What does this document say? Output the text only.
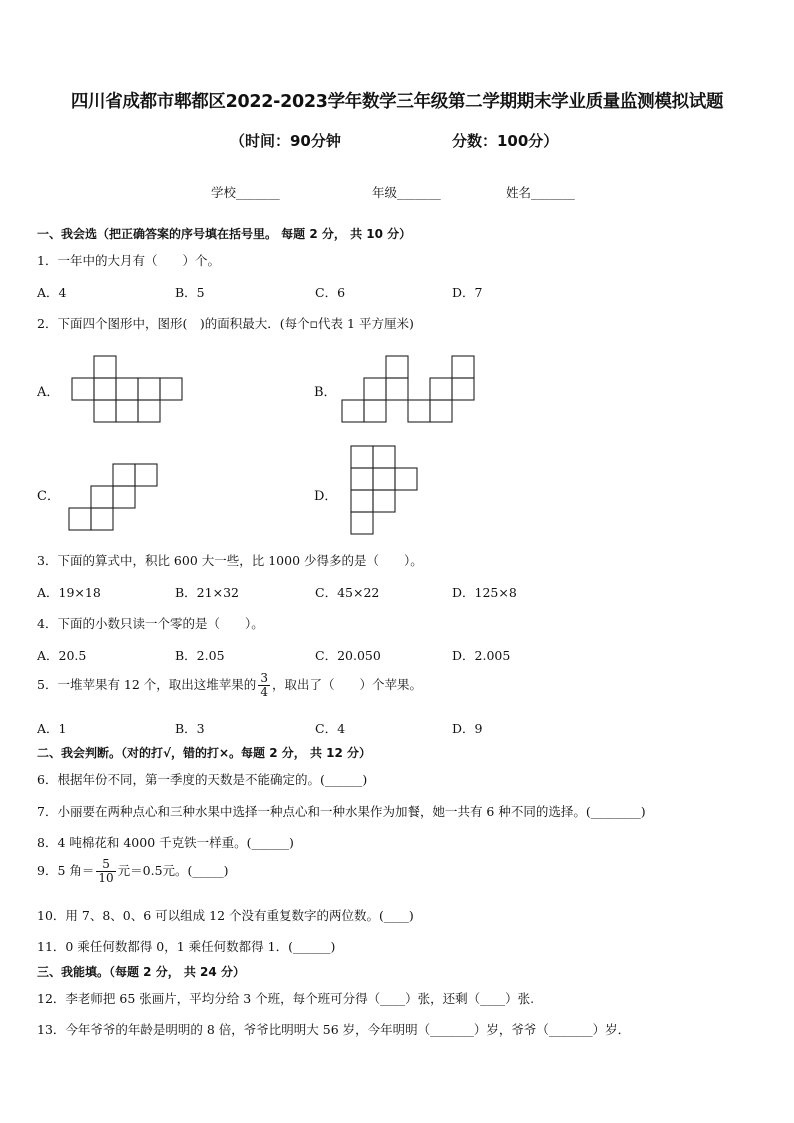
四川省成都市郫都区2022-2023学年数学三年级第二学期期末学业质量监测模拟试题
（时间：90分钟	分数：100分）
学校_______	年级_______	姓名_______
一、我会选（把正确答案的序号填在括号里。 每题 2 分， 共 10 分）
1．一年中的大月有（　　）个。
A．4	B．5	C．6	D．7
2．下面四个图形中，图形(　)的面积最大．(每个▫代表 1 平方厘米)
A．	B．
C．	D．
3．下面的算式中，积比 600 大一些，比 1000 少得多的是（　　）。
A．19×18	B．21×32	C．45×22	D．125×8
4．下面的小数只读一个零的是（　　）。
A．20.5	B．2.05	C．20.050	D．2.005
5．一堆苹果有 12 个，取出这堆苹果的 $\frac{3}{4}$ ，取出了（　　）个苹果。
A．1	B．3	C．4	D．9
二、我会判断。（对的打√，错的打×。每题 2 分， 共 12 分）
6．根据年份不同，第一季度的天数是不能确定的。(______)
7．小丽要在两种点心和三种水果中选择一种点心和一种水果作为加餐，她一共有 6 种不同的选择。(________)
8．4 吨棉花和 4000 千克铁一样重。(______)
9．5 角＝ $\frac{5}{10}$ 元＝0.5元。(_____)
10．用 7、8、0、6 可以组成 12 个没有重复数字的两位数。(____)
11．0 乘任何数都得 0，1 乘任何数都得 1．(______)
三、我能填。（每题 2 分， 共 24 分）
12．李老师把 65 张画片，平均分给 3 个班，每个班可分得（____）张，还剩（____）张.
13．今年爷爷的年龄是明明的 8 倍，爷爷比明明大 56 岁，今年明明（_______）岁，爷爷（_______）岁．
